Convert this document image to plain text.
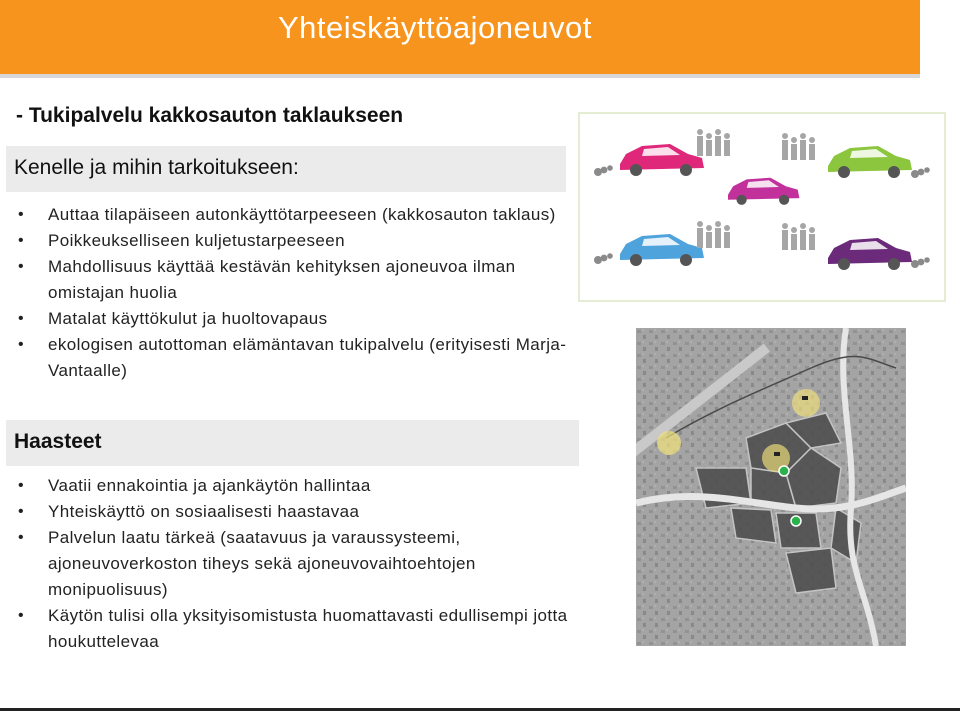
Yhteiskäyttöajoneuvot
- Tukipalvelu kakkosauton taklaukseen
Kenelle ja mihin tarkoitukseen:
• Auttaa tilapäiseen autonkäyttötarpeeseen (kakkosauton taklaus)
• Poikkeukselliseen kuljetustarpeeseen
• Mahdollisuus käyttää kestävän kehityksen ajoneuvoa ilman omistajan huolia
• Matalat käyttökulut ja huoltovapaus
• ekologisen autottoman elämäntavan tukipalvelu (erityisesti Marja-Vantaalle)
Haasteet
• Vaatii ennakointia ja ajankäytön hallintaa
• Yhteiskäyttö on sosiaalisesti haastavaa
• Palvelun laatu tärkeä (saatavuus ja varaussysteemi, ajoneuvoverkoston tiheys sekä ajoneuvovaihtoehtojen monipuolisuus)
• Käytön tulisi olla yksityisomistusta huomattavasti edullisempi jotta houkuttelevaa
